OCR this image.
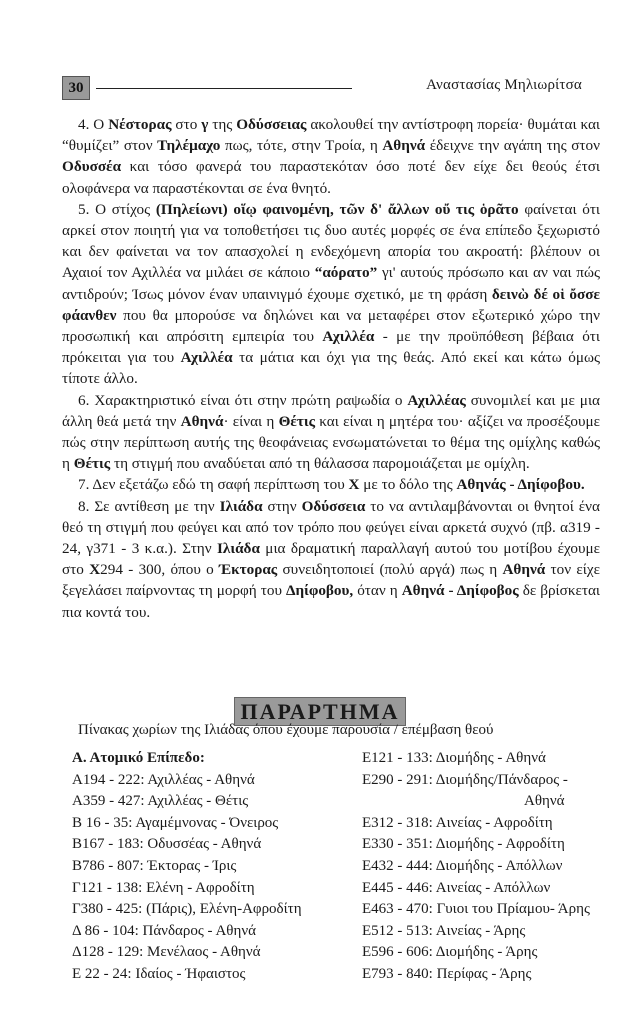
30	Αναστασίας Μηλιωρίτσα

4. Ο Νέστορας στο γ της Οδύσσειας ακολουθεί την αντίστροφη πορεία· θυμάται και “θυμίζει” στον Τηλέμαχο πως, τότε, στην Τροία, η Αθηνά έδειχνε την αγάπη της στον Οδυσσέα και τόσο φανερά του παραστεκόταν όσο ποτέ δεν είχε δει θεούς έτσι ολοφάνερα να παραστέκονται σε ένα θνητό.

5. Ο στίχος (Πηλείωνι) οἵῳ φαινομένη, τῶν δ' ἄλλων οὔ τις ὁρᾶτο φαίνεται ότι αρκεί στον ποιητή για να τοποθετήσει τις δυο αυτές μορφές σε ένα επίπεδο ξεχωριστό και δεν φαίνεται να τον απασχολεί η ενδεχόμενη απορία του ακροατή: βλέπουν οι Αχαιοί τον Αχιλλέα να μιλάει σε κάποιο “αόρατο” γι' αυτούς πρόσωπο και αν ναι πώς αντιδρούν; Ίσως μόνον έναν υπαινιγμό έχουμε σχετικό, με τη φράση δεινὼ δέ οἱ ὄσσε φάανθεν που θα μπορούσε να δηλώνει και να μεταφέρει στον εξωτερικό χώρο την προσωπική και απρόσιτη εμπειρία του Αχιλλέα - με την προϋπόθεση βέβαια ότι πρόκειται για του Αχιλλέα τα μάτια και όχι για της θεάς. Από εκεί και κάτω όμως τίποτε άλλο.

6. Χαρακτηριστικό είναι ότι στην πρώτη ραψωδία ο Αχιλλέας συνομιλεί και με μια άλλη θεά μετά την Αθηνά· είναι η Θέτις και είναι η μητέρα του· αξίζει να προσέξουμε πώς στην περίπτωση αυτής της θεοφάνειας ενσωματώνεται το θέμα της ομίχλης καθώς η Θέτις τη στιγμή που αναδύεται από τη θάλασσα παρομοιάζεται με ομίχλη.

7. Δεν εξετάζω εδώ τη σαφή περίπτωση του Χ με το δόλο της Αθηνάς - Δηίφοβου.

8. Σε αντίθεση με την Ιλιάδα στην Οδύσσεια το να αντιλαμβάνονται οι θνητοί ένα θεό τη στιγμή που φεύγει και από τον τρόπο που φεύγει είναι αρκετά συχνό (πβ. α319 - 24, γ371 - 3 κ.α.). Στην Ιλιάδα μια δραματική παραλλαγή αυτού του μοτίβου έχουμε στο Χ294 - 300, όπου ο Έκτορας συνειδητοποιεί (πολύ αργά) πως η Αθηνά τον είχε ξεγελάσει παίρνοντας τη μορφή του Δηίφοβου, όταν η Αθηνά - Δηίφοβος δε βρίσκεται πια κοντά του.

ΠΑΡΑΡΤΗΜΑ
Πίνακας χωρίων της Ιλιάδας όπου έχουμε παρουσία / επέμβαση θεού
Α. Ατομικό Επίπεδο:
Α194 - 222: Αχιλλέας - Αθηνά
Α359 - 427: Αχιλλέας - Θέτις
Β 16 - 35: Αγαμέμνονας - Όνειρος
Β167 - 183: Οδυσσέας - Αθηνά
Β786 - 807: Έκτορας - Ίρις
Γ121 - 138: Ελένη - Αφροδίτη
Γ380 - 425: (Πάρις), Ελένη-Αφροδίτη
Δ 86 - 104: Πάνδαρος - Αθηνά
Δ128 - 129: Μενέλαος - Αθηνά
Ε 22 - 24: Ιδαίος - Ήφαιστος
Ε121 - 133: Διομήδης - Αθηνά
Ε290 - 291: Διομήδης/Πάνδαρος -
Αθηνά
Ε312 - 318: Αινείας - Αφροδίτη
Ε330 - 351: Διομήδης - Αφροδίτη
Ε432 - 444: Διομήδης - Απόλλων
Ε445 - 446: Αινείας - Απόλλων
Ε463 - 470: Γυιοι του Πρίαμου- Άρης
Ε512 - 513: Αινείας - Άρης
Ε596 - 606: Διομήδης - Άρης
Ε793 - 840: Περίφας - Άρης
